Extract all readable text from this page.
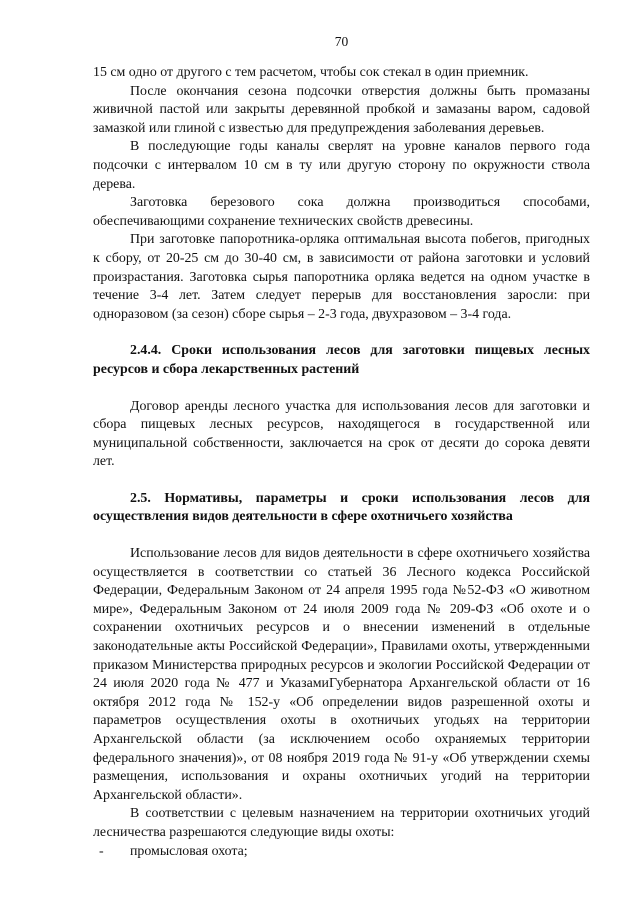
70

15 см одно от другого с тем расчетом, чтобы сок стекал в один приемник.

После окончания сезона подсочки отверстия должны быть промазаны живичной пастой или закрыты деревянной пробкой и замазаны варом, садовой замазкой или глиной с известью для предупреждения заболевания деревьев.

В последующие годы каналы сверлят на уровне каналов первого года подсочки с интервалом 10 см в ту или другую сторону по окружности ствола дерева.

Заготовка березового сока должна производиться способами, обеспечивающими сохранение технических свойств древесины.

При заготовке папоротника-орляка оптимальная высота побегов, пригодных к сбору, от 20-25 см до 30-40 см, в зависимости от района заготовки и условий произрастания. Заготовка сырья папоротника орляка ведется на одном участке в течение 3-4 лет. Затем следует перерыв для восстановления заросли: при одноразовом (за сезон) сборе сырья – 2-3 года, двухразовом – 3-4 года.

2.4.4. Сроки использования лесов для заготовки пищевых лесных ресурсов и сбора лекарственных растений

Договор аренды лесного участка для использования лесов для заготовки и сбора пищевых лесных ресурсов, находящегося в государственной или муниципальной собственности, заключается на срок от десяти до сорока девяти лет.

2.5. Нормативы, параметры и сроки использования лесов для осуществления видов деятельности в сфере охотничьего хозяйства

Использование лесов для видов деятельности в сфере охотничьего хозяйства осуществляется в соответствии со статьей 36 Лесного кодекса Российской Федерации, Федеральным Законом от 24 апреля 1995 года №52-ФЗ «О животном мире», Федеральным Законом от 24 июля 2009 года № 209-ФЗ «Об охоте и о сохранении охотничьих ресурсов и о внесении изменений в отдельные законодательные акты Российской Федерации», Правилами охоты, утвержденными приказом Министерства природных ресурсов и экологии Российской Федерации от 24 июля 2020 года № 477 и УказамиГубернатора Архангельской области от 16 октября 2012 года № 152-у «Об определении видов разрешенной охоты и параметров осуществления охоты в охотничьих угодьях на территории Архангельской области (за исключением особо охраняемых территории федерального значения)», от 08 ноября 2019 года № 91-у «Об утверждении схемы размещения, использования и охраны охотничьих угодий на территории Архангельской области».

В соответствии с целевым назначением на территории охотничьих угодий лесничества разрешаются следующие виды охоты:

-	промысловая охота;
